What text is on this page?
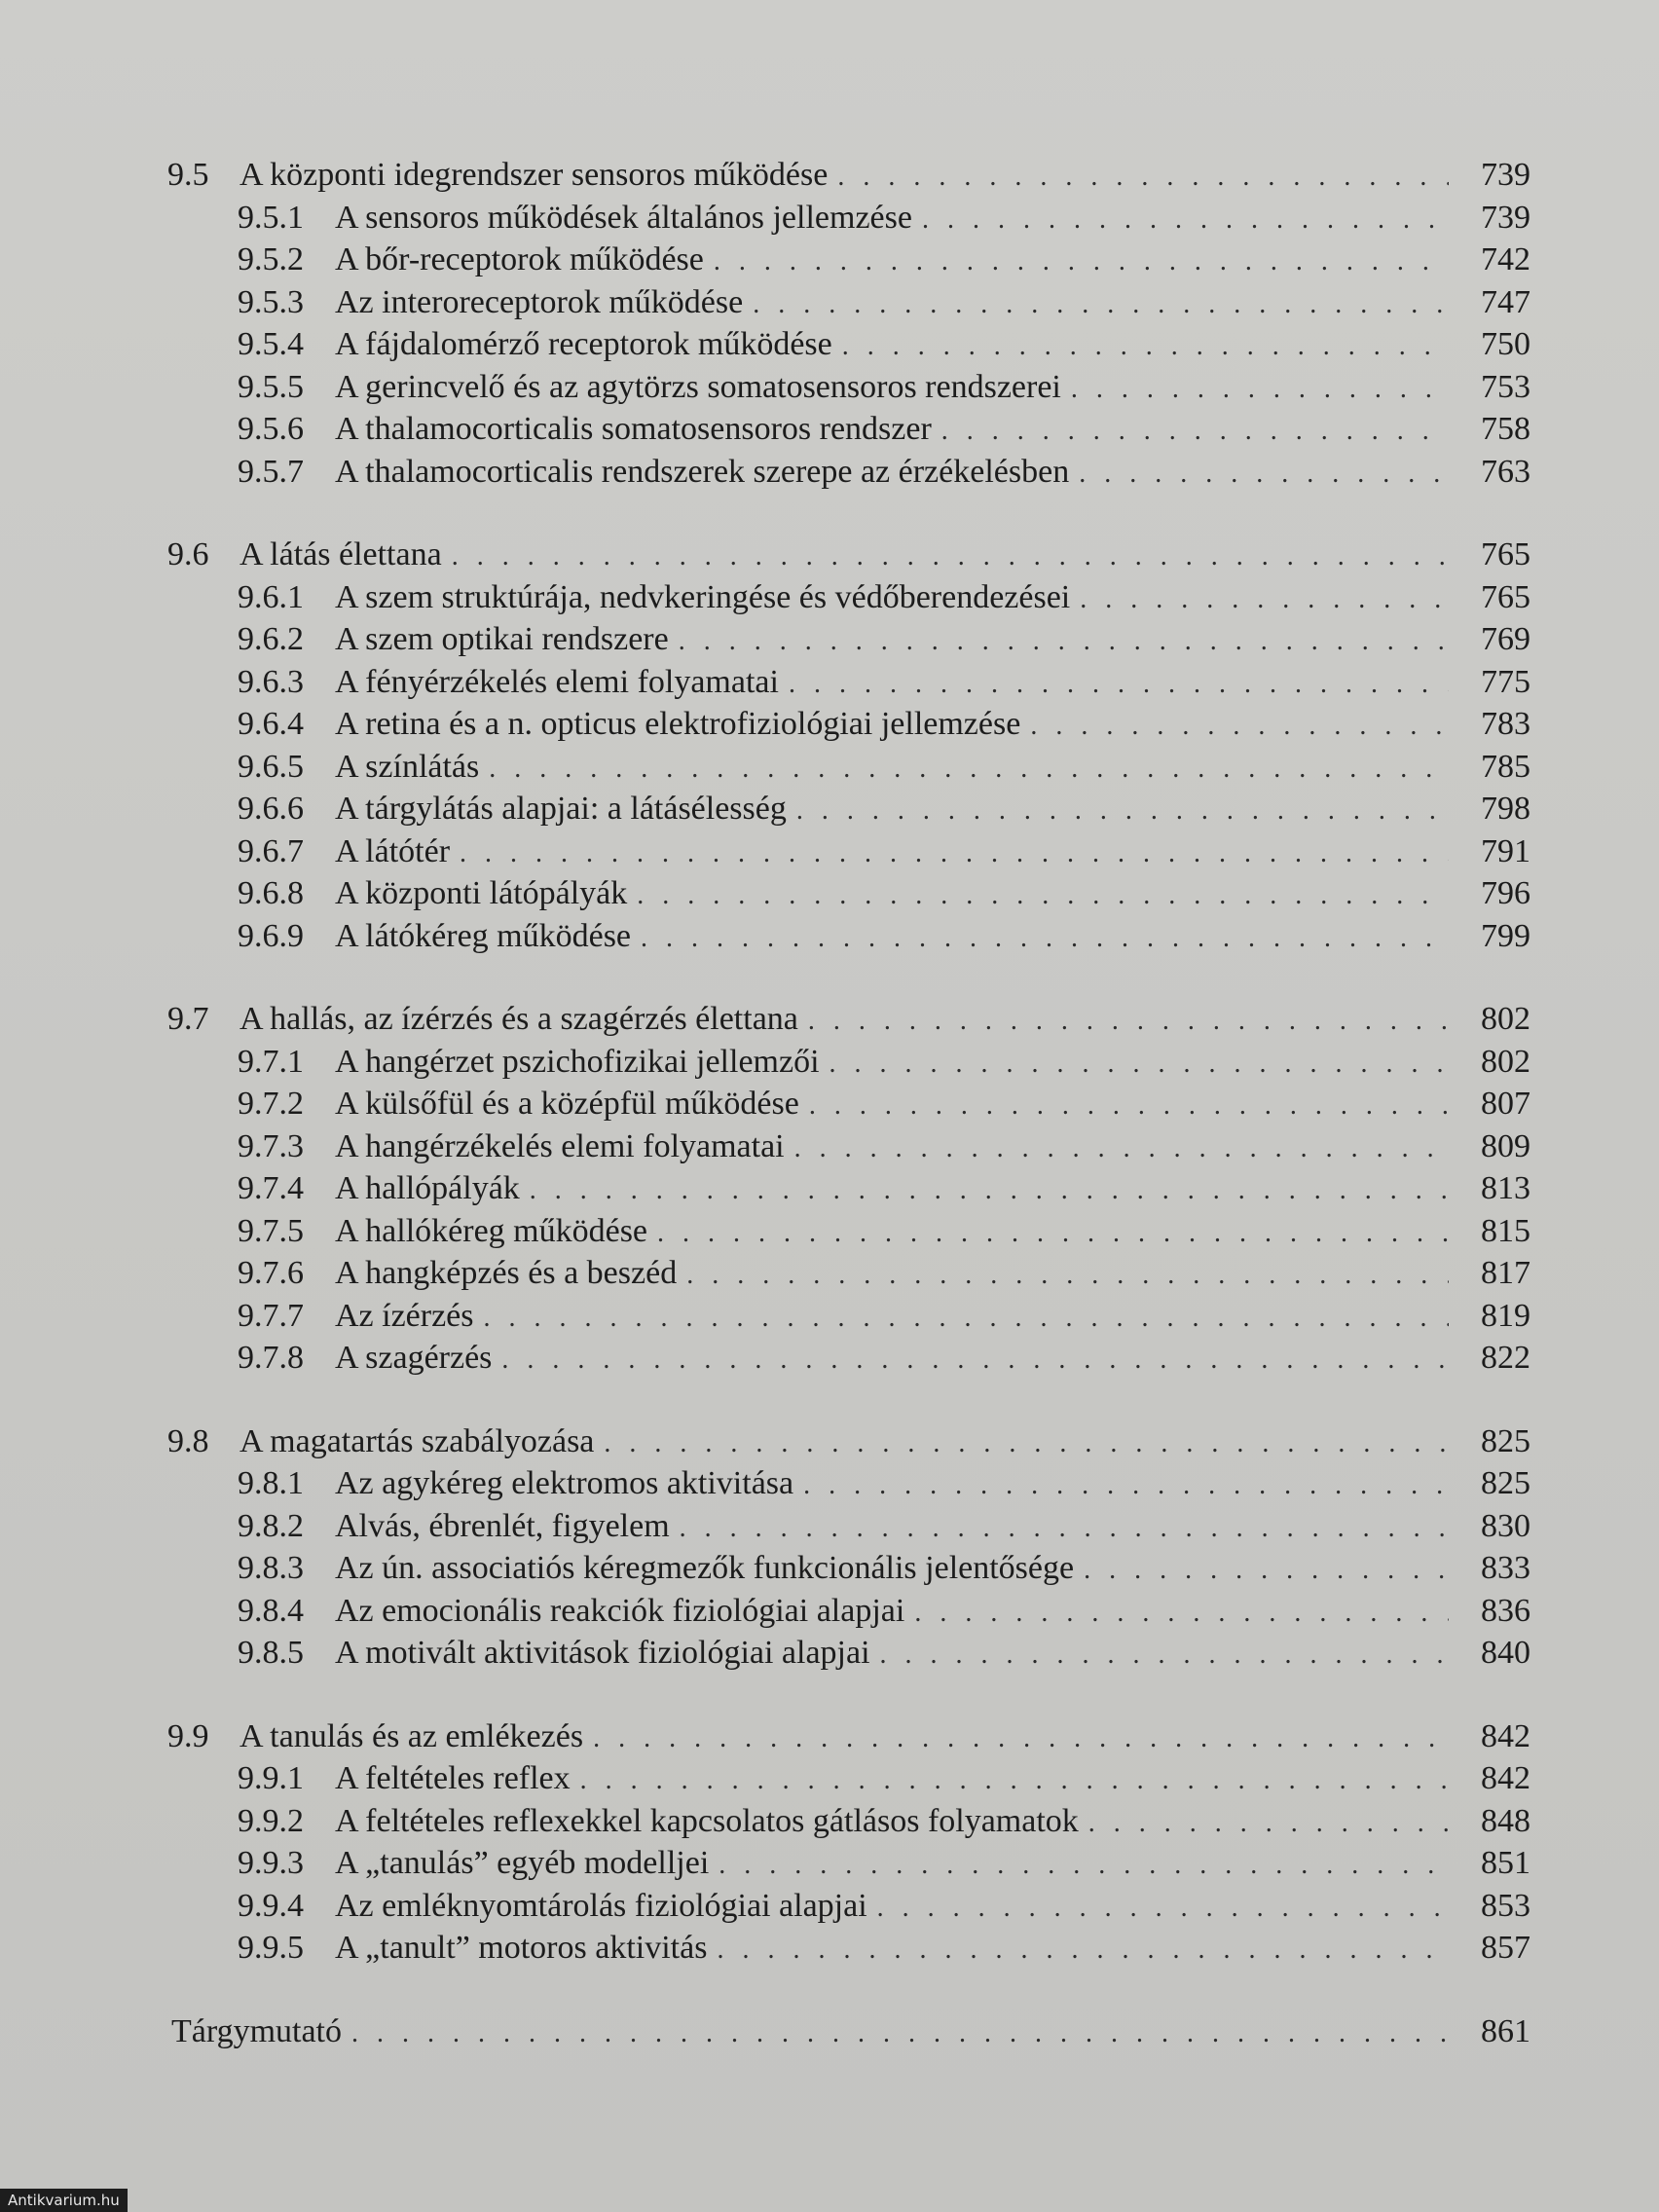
9.5 A központi idegrendszer sensoros működése . . .	739
9.5.1 A sensoros működések általános jellemzése . . .	739
9.5.2 A bőr-receptorok működése . . .	742
9.5.3 Az interoreceptorok működése . . .	747
9.5.4 A fájdalomérző receptorok működése . . .	750
9.5.5 A gerincvelő és az agytörzs somatosensoros rendszerei . . .	753
9.5.6 A thalamocorticalis somatosensoros rendszer . . .	758
9.5.7 A thalamocorticalis rendszerek szerepe az érzékelésben . . .	763
9.6 A látás élettana . . .	765
9.6.1 A szem struktúrája, nedvkeringése és védőberendezései . . .	765
9.6.2 A szem optikai rendszere . . .	769
9.6.3 A fényérzékelés elemi folyamatai . . .	775
9.6.4 A retina és a n. opticus elektrofiziológiai jellemzése . . .	783
9.6.5 A színlátás . . .	785
9.6.6 A tárgylátás alapjai: a látásélesség . . .	798
9.6.7 A látótér . . .	791
9.6.8 A központi látópályák . . .	796
9.6.9 A látókéreg működése . . .	799
9.7 A hallás, az ízérzés és a szagérzés élettana . . .	802
9.7.1 A hangérzet pszichofizikai jellemzői . . .	802
9.7.2 A külsőfül és a középfül működése . . .	807
9.7.3 A hangérzékelés elemi folyamatai . . .	809
9.7.4 A hallópályák . . .	813
9.7.5 A hallókéreg működése . . .	815
9.7.6 A hangképzés és a beszéd . . .	817
9.7.7 Az ízérzés . . .	819
9.7.8 A szagérzés . . .	822
9.8 A magatartás szabályozása . . .	825
9.8.1 Az agykéreg elektromos aktivitása . . .	825
9.8.2 Alvás, ébrenlét, figyelem . . .	830
9.8.3 Az ún. associatiós kéregmezők funkcionális jelentősége . . .	833
9.8.4 Az emocionális reakciók fiziológiai alapjai . . .	836
9.8.5 A motivált aktivitások fiziológiai alapjai . . .	840
9.9 A tanulás és az emlékezés . . .	842
9.9.1 A feltételes reflex . . .	842
9.9.2 A feltételes reflexekkel kapcsolatos gátlásos folyamatok . . .	848
9.9.3 A „tanulás” egyéb modelljei . . .	851
9.9.4 Az emléknyomtárolás fiziológiai alapjai . . .	853
9.9.5 A „tanult” motoros aktivitás . . .	857
Tárgymutató . . .	861
Antikvarium.hu
